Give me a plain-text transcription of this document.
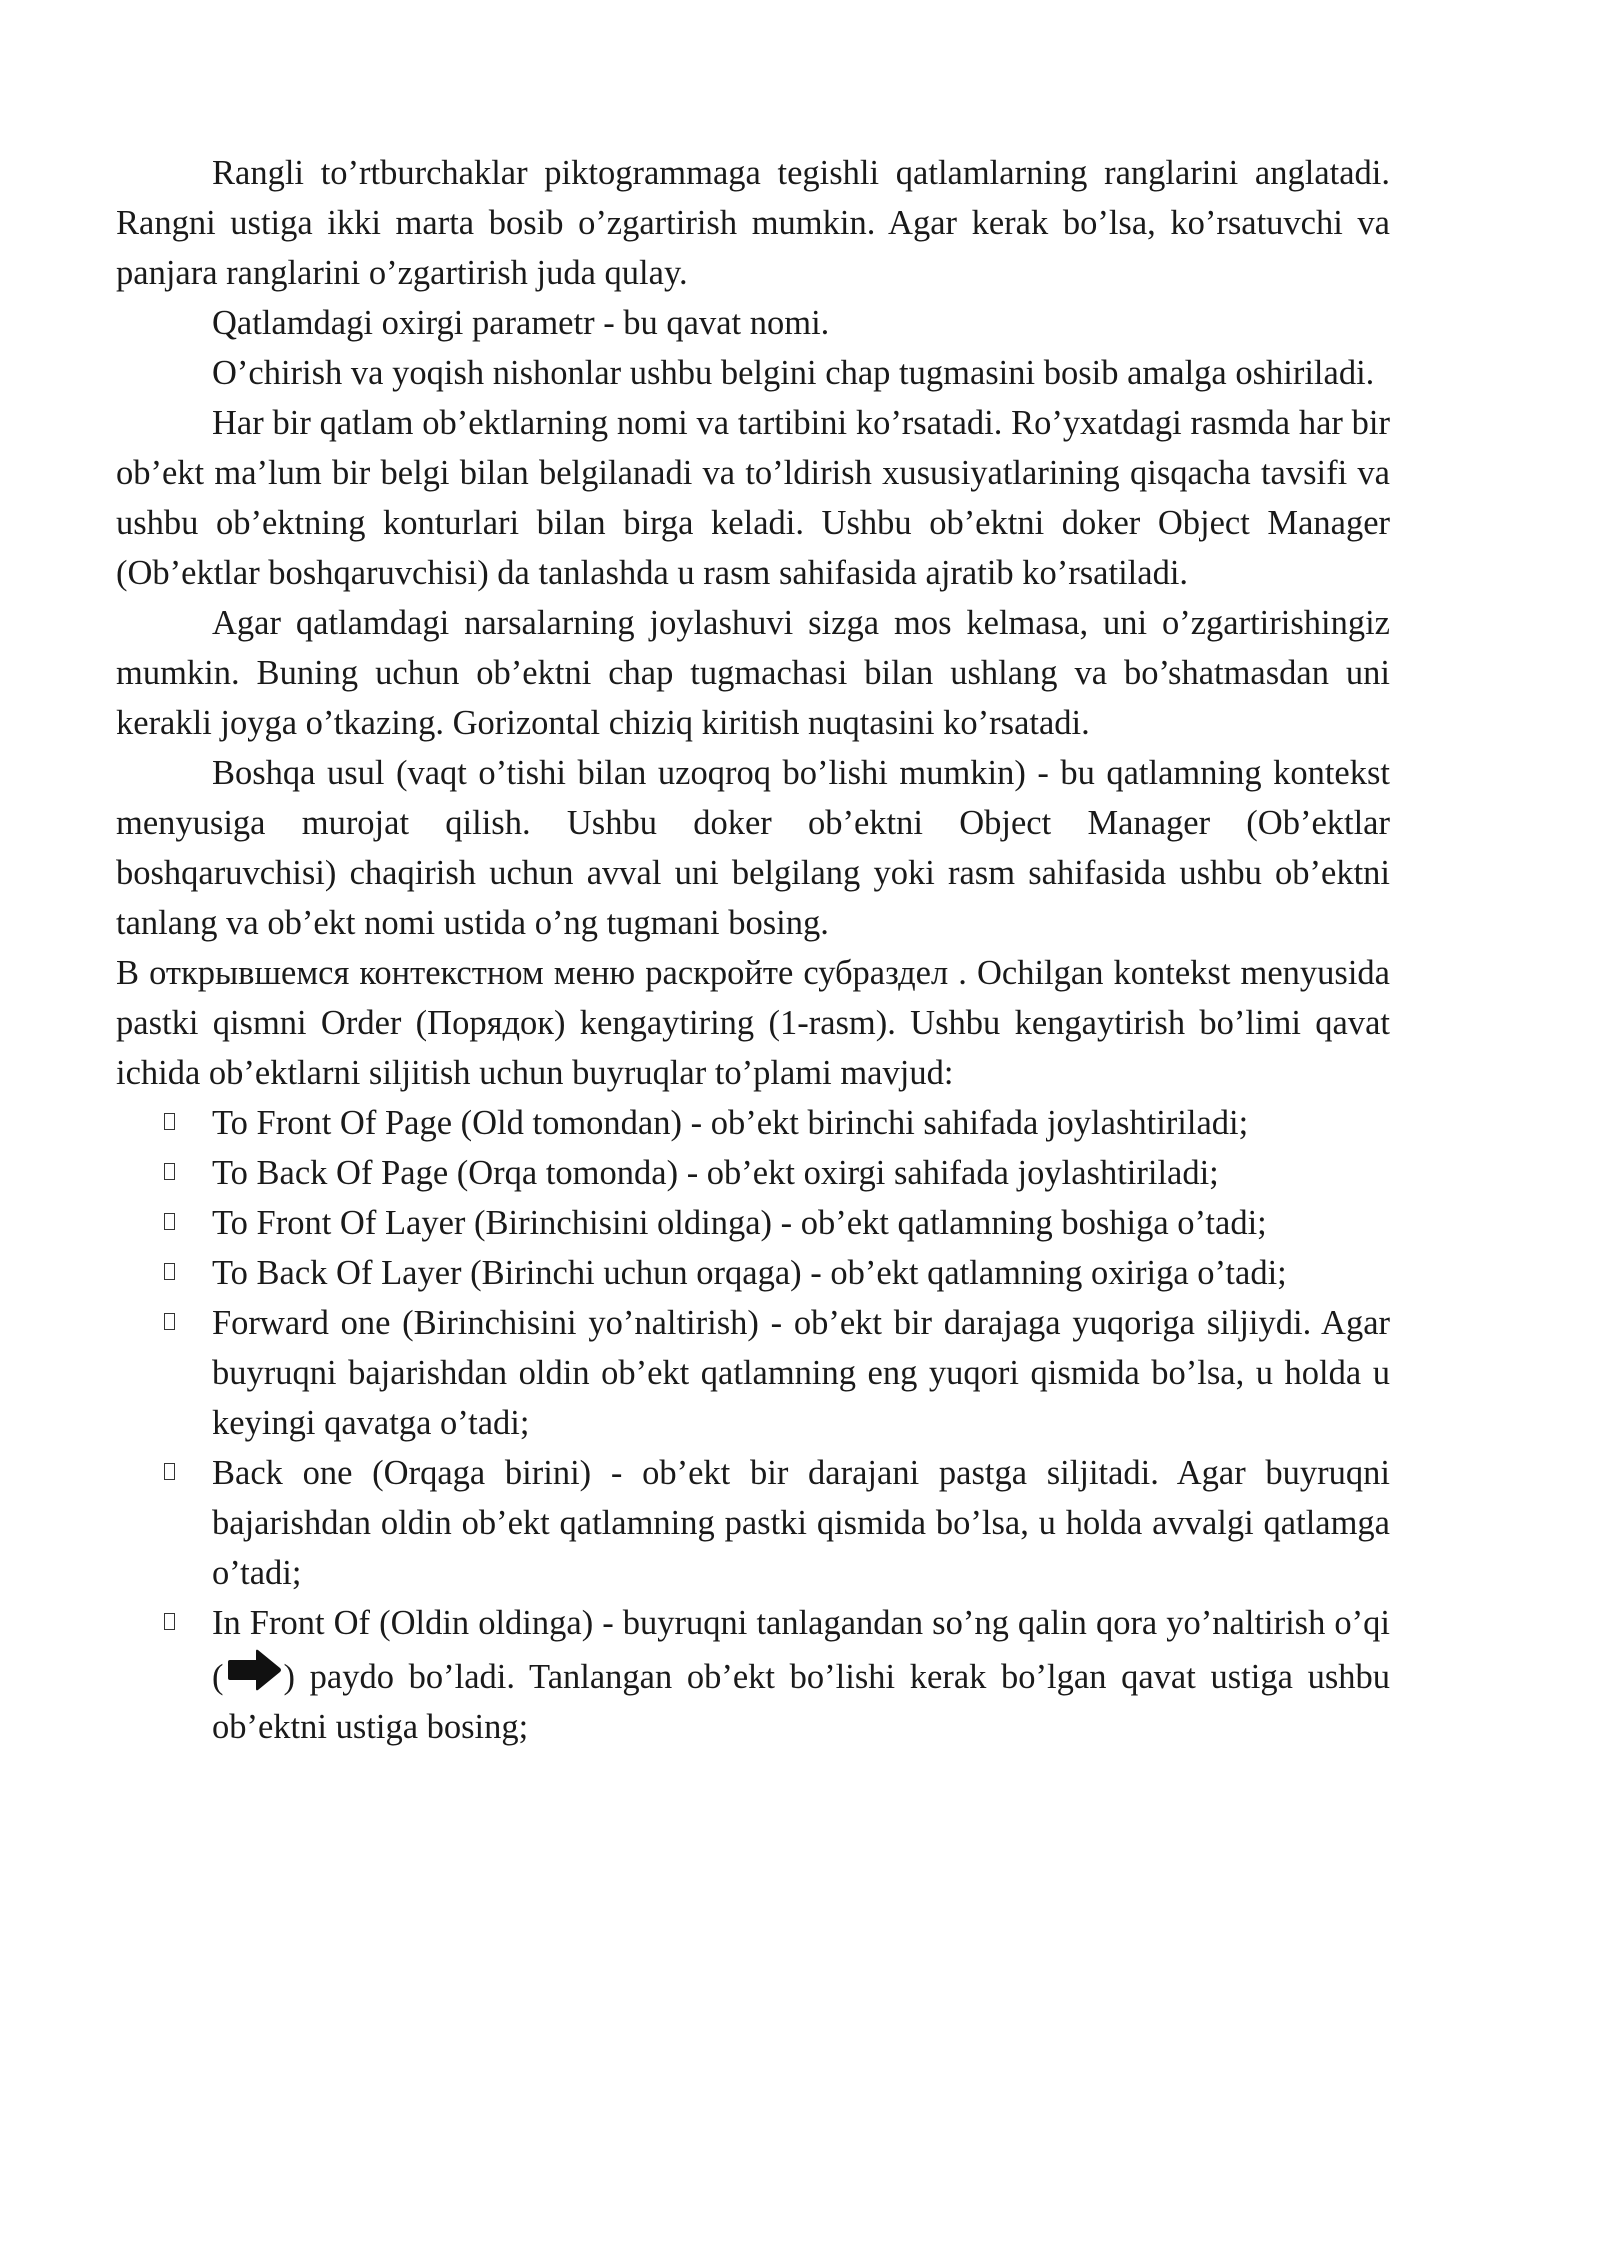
Rangli to’rtburchaklar piktogrammaga tegishli qatlamlarning ranglarini anglatadi. Rangni ustiga ikki marta bosib o’zgartirish mumkin. Agar kerak bo’lsa, ko’rsatuvchi va panjara ranglarini o’zgartirish juda qulay.

Qatlamdagi oxirgi parametr - bu qavat nomi.

O’chirish va yoqish nishonlar ushbu belgini chap tugmasini bosib amalga oshiriladi.

Har bir qatlam ob’ektlarning nomi va tartibini ko’rsatadi. Ro’yxatdagi rasmda har bir ob’ekt ma’lum bir belgi bilan belgilanadi va to’ldirish xususiyatlarining qisqacha tavsifi va ushbu ob’ektning konturlari bilan birga keladi. Ushbu ob’ektni doker Object Manager (Ob’ektlar boshqaruvchisi) da tanlashda u rasm sahifasida ajratib ko’rsatiladi.

Agar qatlamdagi narsalarning joylashuvi sizga mos kelmasa, uni o’zgartirishingiz mumkin. Buning uchun ob’ektni chap tugmachasi bilan ushlang va bo’shatmasdan uni kerakli joyga o’tkazing. Gorizontal chiziq kiritish nuqtasini ko’rsatadi.

Boshqa usul (vaqt o’tishi bilan uzoqroq bo’lishi mumkin) - bu qatlamning kontekst menyusiga murojat qilish. Ushbu doker ob’ektni Object Manager (Ob’ektlar boshqaruvchisi) chaqirish uchun avval uni belgilang yoki rasm sahifasida ushbu ob’ektni tanlang va ob’ekt nomi ustida o’ng tugmani bosing.

В открывшемся контекстном меню раскройте субраздел . Ochilgan kontekst menyusida pastki qismni Order (Порядок) kengaytiring (1-rasm). Ushbu kengaytirish bo’limi qavat ichida ob’ektlarni siljitish uchun buyruqlar to’plami mavjud:

To Front Of Page (Old tomondan) - ob’ekt birinchi sahifada joylashtiriladi;
To Back Of Page (Orqa tomonda) - ob’ekt oxirgi sahifada joylashtiriladi;
To Front Of Layer (Birinchisini oldinga) - ob’ekt qatlamning boshiga o’tadi;
To Back Of Layer (Birinchi uchun orqaga) - ob’ekt qatlamning oxiriga o’tadi;
Forward one (Birinchisini yo’naltirish) - ob’ekt bir darajaga yuqoriga siljiydi. Agar buyruqni bajarishdan oldin ob’ekt qatlamning eng yuqori qismida bo’lsa, u holda u keyingi qavatga o’tadi;
Back one (Orqaga birini) - ob’ekt bir darajani pastga siljitadi. Agar buyruqni bajarishdan oldin ob’ekt qatlamning pastki qismida bo’lsa, u holda avvalgi qatlamga o’tadi;
In Front Of (Oldin oldinga) - buyruqni tanlagandan so’ng qalin qora yo’naltirish o’qi ( ) paydo bo’ladi. Tanlangan ob’ekt bo’lishi kerak bo’lgan qavat ustiga ushbu ob’ektni ustiga bosing;
